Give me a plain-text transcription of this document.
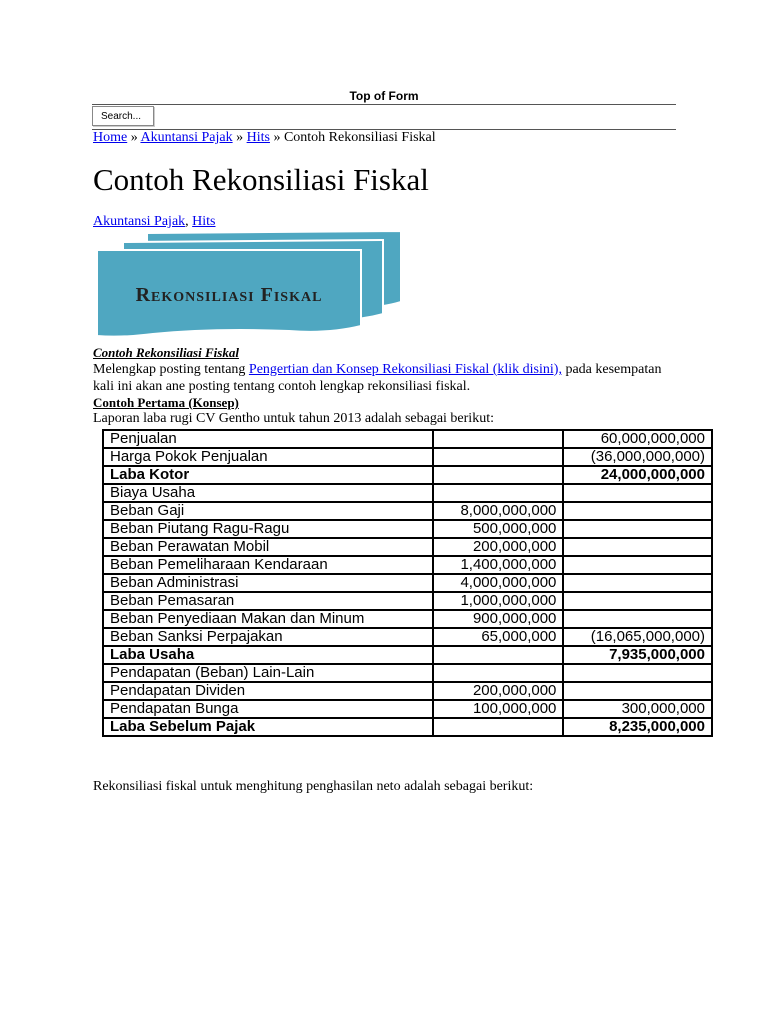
Top of Form
Search...
Home » Akuntansi Pajak » Hits » Contoh Rekonsiliasi Fiskal
Contoh Rekonsiliasi Fiskal
Akuntansi Pajak, Hits
Rekonsiliasi Fiskal
Contoh Rekonsiliasi Fiskal
Melengkap posting tentang Pengertian dan Konsep Rekonsiliasi Fiskal (klik disini), pada kesempatan kali ini akan ane posting tentang contoh lengkap rekonsiliasi fiskal.
Contoh Pertama (Konsep)
Laporan laba rugi CV Gentho untuk tahun 2013 adalah sebagai berikut:
Penjualan		60,000,000,000
Harga Pokok Penjualan		(36,000,000,000)
Laba Kotor		24,000,000,000
Biaya Usaha		
Beban Gaji	8,000,000,000	
Beban Piutang Ragu-Ragu	500,000,000	
Beban Perawatan Mobil	200,000,000	
Beban Pemeliharaan Kendaraan	1,400,000,000	
Beban Administrasi	4,000,000,000	
Beban Pemasaran	1,000,000,000	
Beban Penyediaan Makan dan Minum	900,000,000	
Beban Sanksi Perpajakan	65,000,000	(16,065,000,000)
Laba Usaha		7,935,000,000
Pendapatan (Beban) Lain-Lain		
Pendapatan Dividen	200,000,000	
Pendapatan Bunga	100,000,000	300,000,000
Laba Sebelum Pajak		8,235,000,000
Rekonsiliasi fiskal untuk menghitung penghasilan neto adalah sebagai berikut:
